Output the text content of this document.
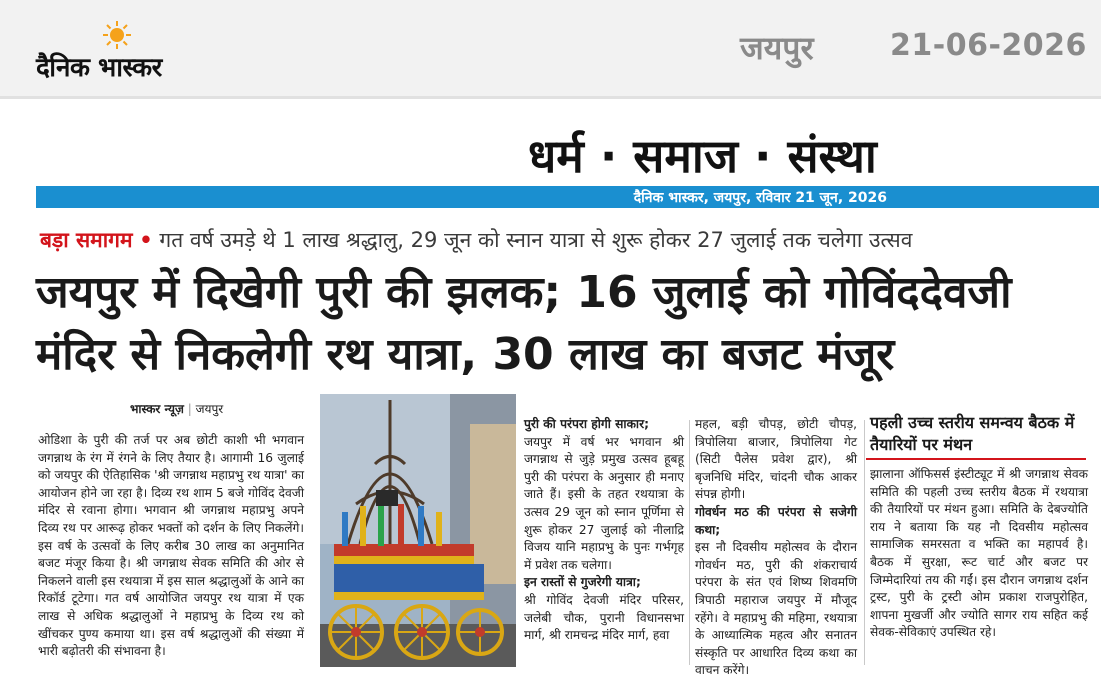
दैनिक भास्कर
जयपुर	21-06-2026
धर्म · समाज · संस्था
दैनिक भास्कर, जयपुर, रविवार 21 जून, 2026
बड़ा समागम • गत वर्ष उमड़े थे 1 लाख श्रद्धालु, 29 जून को स्नान यात्रा से शुरू होकर 27 जुलाई तक चलेगा उत्सव
जयपुर में दिखेगी पुरी की झलक; 16 जुलाई को गोविंददेवजी मंदिर से निकलेगी रथ यात्रा, 30 लाख का बजट मंजूर
भास्कर न्यूज़ | जयपुर

ओडिशा के पुरी की तर्ज पर अब छोटी काशी भी भगवान जगन्नाथ के रंग में रंगने के लिए तैयार है। आगामी 16 जुलाई को जयपुर की ऐतिहासिक 'श्री जगन्नाथ महाप्रभु रथ यात्रा' का आयोजन होने जा रहा है। दिव्य रथ शाम 5 बजे गोविंद देवजी मंदिर से रवाना होगा। भगवान श्री जगन्नाथ महाप्रभु अपने दिव्य रथ पर आरूढ़ होकर भक्तों को दर्शन के लिए निकलेंगे। इस वर्ष के उत्सवों के लिए करीब 30 लाख का अनुमानित बजट मंजूर किया है। श्री जगन्नाथ सेवक समिति की ओर से निकलने वाली इस रथयात्रा में इस साल श्रद्धालुओं के आने का रिकॉर्ड टूटेगा। गत वर्ष आयोजित जयपुर रथ यात्रा में एक लाख से अधिक श्रद्धालुओं ने महाप्रभु के दिव्य रथ को खींचकर पुण्य कमाया था। इस वर्ष श्रद्धालुओं की संख्या में भारी बढ़ोतरी की संभावना है।

पुरी की परंपरा होगी साकार;

जयपुर में वर्ष भर भगवान श्री जगन्नाथ से जुड़े प्रमुख उत्सव हूबहू पुरी की परंपरा के अनुसार ही मनाए जाते हैं। इसी के तहत रथयात्रा के उत्सव 29 जून को स्नान पूर्णिमा से शुरू होकर 27 जुलाई को नीलाद्रि विजय यानि महाप्रभु के पुनः गर्भगृह में प्रवेश तक चलेगा।

इन रास्तों से गुजरेगी यात्रा;

श्री गोविंद देवजी मंदिर परिसर, जलेबी चौक, पुरानी विधानसभा मार्ग, श्री रामचन्द्र मंदिर मार्ग, हवा

महल, बड़ी चौपड़, छोटी चौपड़, त्रिपोलिया बाजार, त्रिपोलिया गेट (सिटी पैलेस प्रवेश द्वार), श्री बृजनिधि मंदिर, चांदनी चौक आकर संपन्न होगी।

गोवर्धन मठ की परंपरा से सजेगी कथा;

इस नौ दिवसीय महोत्सव के दौरान गोवर्धन मठ, पुरी की शंकराचार्य परंपरा के संत एवं शिष्य शिवमणि त्रिपाठी महाराज जयपुर में मौजूद रहेंगे। वे महाप्रभु की महिमा, रथयात्रा के आध्यात्मिक महत्व और सनातन संस्कृति पर आधारित दिव्य कथा का वाचन करेंगे।

पहली उच्च स्तरीय समन्वय बैठक में तैयारियों पर मंथन

झालाना ऑफिसर्स इंस्टीट्यूट में श्री जगन्नाथ सेवक समिति की पहली उच्च स्तरीय बैठक में रथयात्रा की तैयारियों पर मंथन हुआ। समिति के देबज्योति राय ने बताया कि यह नौ दिवसीय महोत्सव सामाजिक समरसता व भक्ति का महापर्व है। बैठक में सुरक्षा, रूट चार्ट और बजट पर जिम्मेदारियां तय की गईं। इस दौरान जगन्नाथ दर्शन ट्रस्ट, पुरी के ट्रस्टी ओम प्रकाश राजपुरोहित, शापना मुखर्जी और ज्योति सागर राय सहित कई सेवक-सेविकाएं उपस्थित रहे।
